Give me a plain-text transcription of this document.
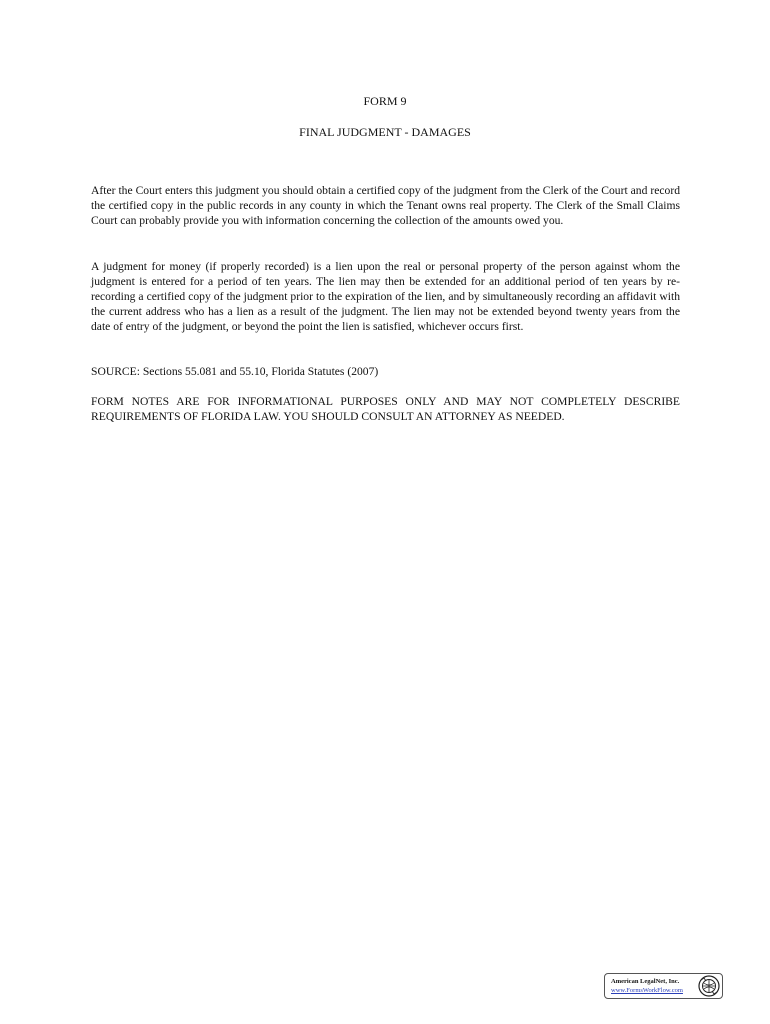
FORM 9
FINAL JUDGMENT - DAMAGES

After the Court enters this judgment you should obtain a certified copy of the judgment from the Clerk of the Court and record the certified copy in the public records in any county in which the Tenant owns real property. The Clerk of the Small Claims Court can probably provide you with information concerning the collection of the amounts owed you.

A judgment for money (if properly recorded) is a lien upon the real or personal property of the person against whom the judgment is entered for a period of ten years. The lien may then be extended for an additional period of ten years by re-recording a certified copy of the judgment prior to the expiration of the lien, and by simultaneously recording an affidavit with the current address who has a lien as a result of the judgment. The lien may not be extended beyond twenty years from the date of entry of the judgment, or beyond the point the lien is satisfied, whichever occurs first.

SOURCE: Sections 55.081 and 55.10, Florida Statutes (2007)

FORM NOTES ARE FOR INFORMATIONAL PURPOSES ONLY AND MAY NOT COMPLETELY DESCRIBE REQUIREMENTS OF FLORIDA LAW. YOU SHOULD CONSULT AN ATTORNEY AS NEEDED.

American LegalNet, Inc.
www.FormsWorkFlow.com
